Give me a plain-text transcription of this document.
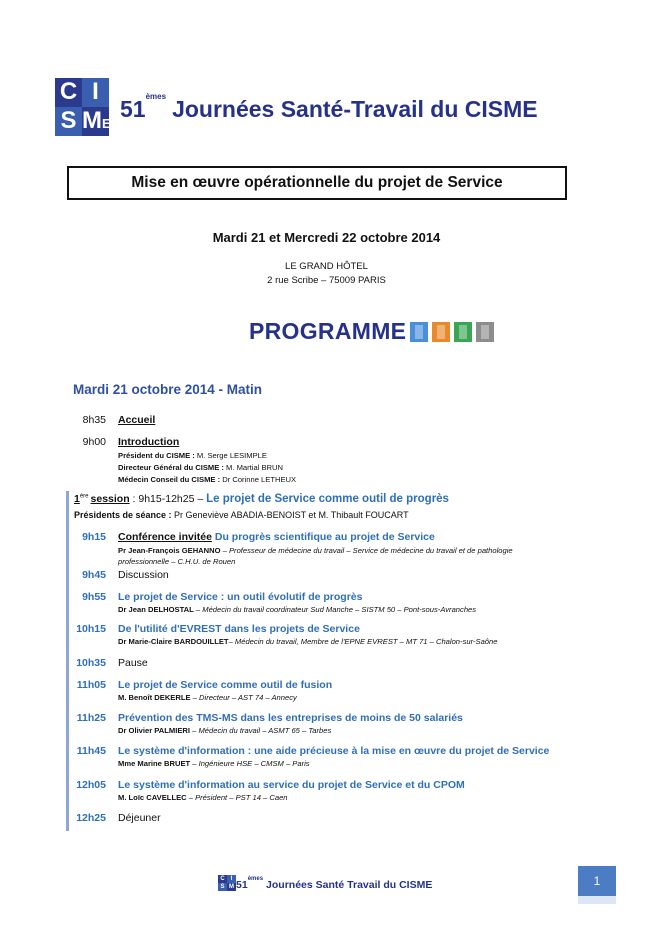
C I
S ME
51èmes Journées Santé-Travail du CISME
Mise en œuvre opérationnelle du projet de Service
Mardi 21 et Mercredi 22 octobre 2014
LE GRAND HÔTEL
2 rue Scribe – 75009 PARIS
PROGRAMME
Mardi 21 octobre 2014 - Matin
8h35 Accueil
9h00 Introduction
Président du CISME : M. Serge LESIMPLE
Directeur Général du CISME : M. Martial BRUN
Médecin Conseil du CISME : Dr Corinne LETHEUX
1ère session : 9h15-12h25 – Le projet de Service comme outil de progrès
Présidents de séance : Pr Geneviève ABADIA-BENOIST et M. Thibault FOUCART
9h15 Conférence invitée Du progrès scientifique au projet de Service
Pr Jean-François GEHANNO – Professeur de médecine du travail – Service de médecine du travail et de pathologie
professionnelle – C.H.U. de Rouen
9h45 Discussion
9h55 Le projet de Service : un outil évolutif de progrès
Dr Jean DELHOSTAL – Médecin du travail coordinateur Sud Manche – SISTM 50 – Pont-sous-Avranches
10h15 De l'utilité d'EVREST dans les projets de Service
Dr Marie-Claire BARDOUILLET– Médecin du travail, Membre de l'EPNE EVREST – MT 71 – Chalon-sur-Saône
10h35 Pause
11h05 Le projet de Service comme outil de fusion
M. Benoît DEKERLE – Directeur – AST 74 – Annecy
11h25 Prévention des TMS-MS dans les entreprises de moins de 50 salariés
Dr Olivier PALMIERI – Médecin du travail – ASMT 65 – Tarbes
11h45 Le système d'information : une aide précieuse à la mise en œuvre du projet de Service
Mme Marine BRUET – Ingénieure HSE – CMSM – Paris
12h05 Le système d'information au service du projet de Service et du CPOM
M. Loïc CAVELLEC – Président – PST 14 – Caen
12h25 Déjeuner
C I
S M 51èmes Journées Santé Travail du CISME	1
